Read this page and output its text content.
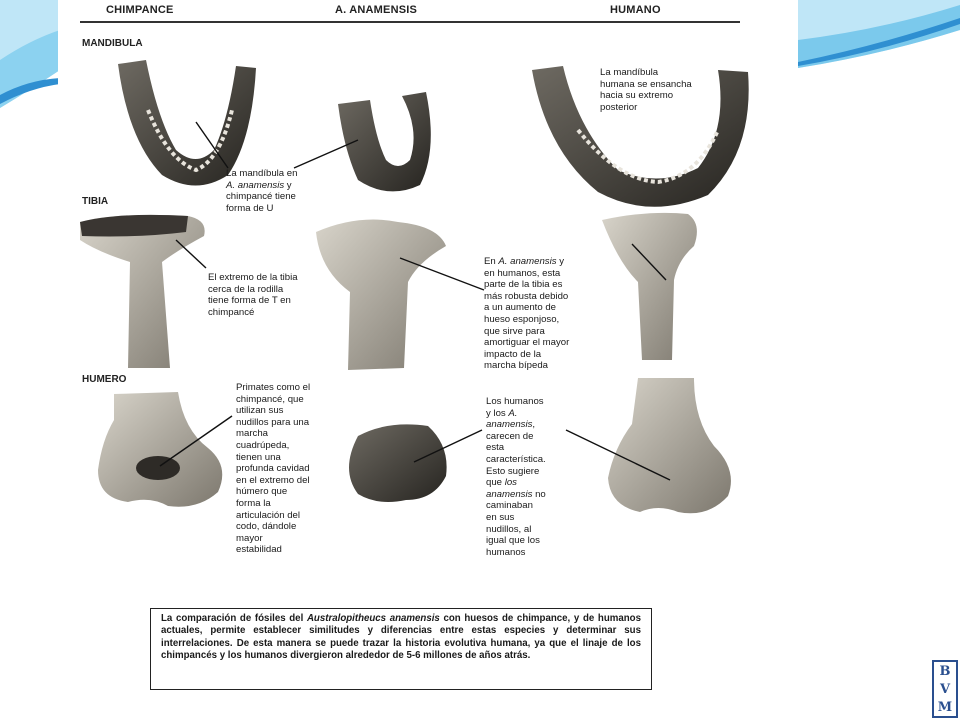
CHIMPANCE	A. ANAMENSIS	HUMANO
MANDIBULA
TIBIA
HUMERO
La mandíbula
humana se ensancha
hacia su extremo
posterior
La mandíbula en
A. anamensis y
chimpancé tiene
forma de U
El extremo de la tibia
cerca de la rodilla
tiene forma de T en
chimpancé
En A. anamensis y
en humanos, esta
parte de la tibia es
más robusta debido
a un aumento de
hueso esponjoso,
que sirve para
amortiguar el mayor
impacto de la
marcha bípeda
Primates como el
chimpancé, que
utilizan sus
nudillos para una
marcha
cuadrúpeda,
tienen una
profunda cavidad
en el extremo del
húmero que
forma la
articulación del
codo, dándole
mayor
estabilidad
Los humanos
y los A.
anamensis,
carecen de
esta
característica.
Esto sugiere
que los
anamensis no
caminaban
en sus
nudillos, al
igual que los
humanos
La comparación de fósiles del Australopitheucs anamensis con huesos de chimpance, y de humanos actuales, permite establecer similitudes y diferencias entre estas especies y determinar sus interrelaciones. De esta manera se puede trazar la historia evolutiva humana, ya que el linaje de los chimpancés y los humanos divergieron alrededor de 5-6 millones de años atrás.
B
V
M
